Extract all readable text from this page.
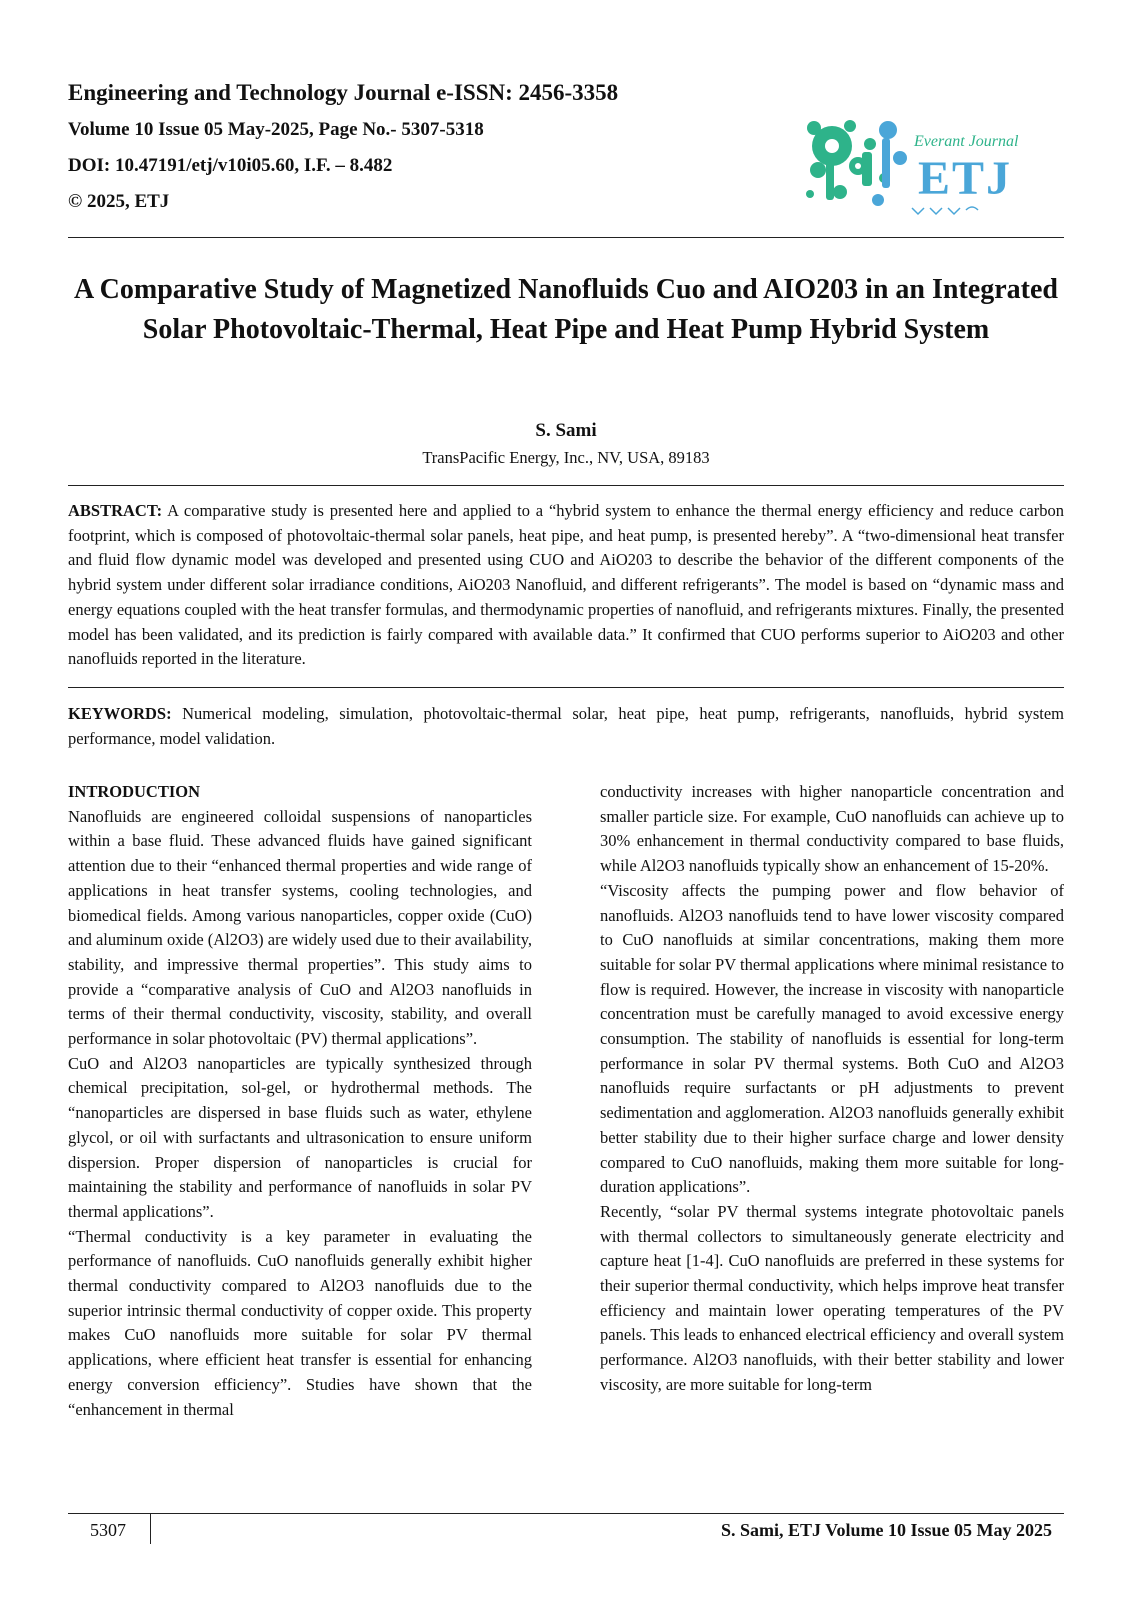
Engineering and Technology Journal e-ISSN: 2456-3358

Volume 10 Issue 05 May-2025, Page No.- 5307-5318

DOI: 10.47191/etj/v10i05.60, I.F. – 8.482

© 2025, ETJ

Everant Journal
ETJ
A Comparative Study of Magnetized Nanofluids Cuo and AIO203 in an Integrated Solar Photovoltaic-Thermal, Heat Pipe and Heat Pump Hybrid System
S. Sami
TransPacific Energy, Inc., NV, USA, 89183

ABSTRACT: A comparative study is presented here and applied to a “hybrid system to enhance the thermal energy efficiency and reduce carbon footprint, which is composed of photovoltaic-thermal solar panels, heat pipe, and heat pump, is presented hereby”. A “two-dimensional heat transfer and fluid flow dynamic model was developed and presented using CUO and AiO203 to describe the behavior of the different components of the hybrid system under different solar irradiance conditions, AiO203 Nanofluid, and different refrigerants”. The model is based on “dynamic mass and energy equations coupled with the heat transfer formulas, and thermodynamic properties of nanofluid, and refrigerants mixtures. Finally, the presented model has been validated, and its prediction is fairly compared with available data.” It confirmed that CUO performs superior to AiO203 and other nanofluids reported in the literature.

KEYWORDS: Numerical modeling, simulation, photovoltaic-thermal solar, heat pipe, heat pump, refrigerants, nanofluids, hybrid system performance, model validation.

INTRODUCTION

Nanofluids are engineered colloidal suspensions of nanoparticles within a base fluid. These advanced fluids have gained significant attention due to their “enhanced thermal properties and wide range of applications in heat transfer systems, cooling technologies, and biomedical fields. Among various nanoparticles, copper oxide (CuO) and aluminum oxide (Al2O3) are widely used due to their availability, stability, and impressive thermal properties”. This study aims to provide a “comparative analysis of CuO and Al2O3 nanofluids in terms of their thermal conductivity, viscosity, stability, and overall performance in solar photovoltaic (PV) thermal applications”.

CuO and Al2O3 nanoparticles are typically synthesized through chemical precipitation, sol-gel, or hydrothermal methods. The “nanoparticles are dispersed in base fluids such as water, ethylene glycol, or oil with surfactants and ultrasonication to ensure uniform dispersion. Proper dispersion of nanoparticles is crucial for maintaining the stability and performance of nanofluids in solar PV thermal applications”.

“Thermal conductivity is a key parameter in evaluating the performance of nanofluids. CuO nanofluids generally exhibit higher thermal conductivity compared to Al2O3 nanofluids due to the superior intrinsic thermal conductivity of copper oxide. This property makes CuO nanofluids more suitable for solar PV thermal applications, where efficient heat transfer is essential for enhancing energy conversion efficiency”. Studies have shown that the “enhancement in thermal

conductivity increases with higher nanoparticle concentration and smaller particle size. For example, CuO nanofluids can achieve up to 30% enhancement in thermal conductivity compared to base fluids, while Al2O3 nanofluids typically show an enhancement of 15-20%.

“Viscosity affects the pumping power and flow behavior of nanofluids. Al2O3 nanofluids tend to have lower viscosity compared to CuO nanofluids at similar concentrations, making them more suitable for solar PV thermal applications where minimal resistance to flow is required. However, the increase in viscosity with nanoparticle concentration must be carefully managed to avoid excessive energy consumption. The stability of nanofluids is essential for long-term performance in solar PV thermal systems. Both CuO and Al2O3 nanofluids require surfactants or pH adjustments to prevent sedimentation and agglomeration. Al2O3 nanofluids generally exhibit better stability due to their higher surface charge and lower density compared to CuO nanofluids, making them more suitable for long-duration applications”.

Recently, “solar PV thermal systems integrate photovoltaic panels with thermal collectors to simultaneously generate electricity and capture heat [1-4]. CuO nanofluids are preferred in these systems for their superior thermal conductivity, which helps improve heat transfer efficiency and maintain lower operating temperatures of the PV panels. This leads to enhanced electrical efficiency and overall system performance. Al2O3 nanofluids, with their better stability and lower viscosity, are more suitable for long-term

5307	S. Sami, ETJ Volume 10 Issue 05 May 2025
